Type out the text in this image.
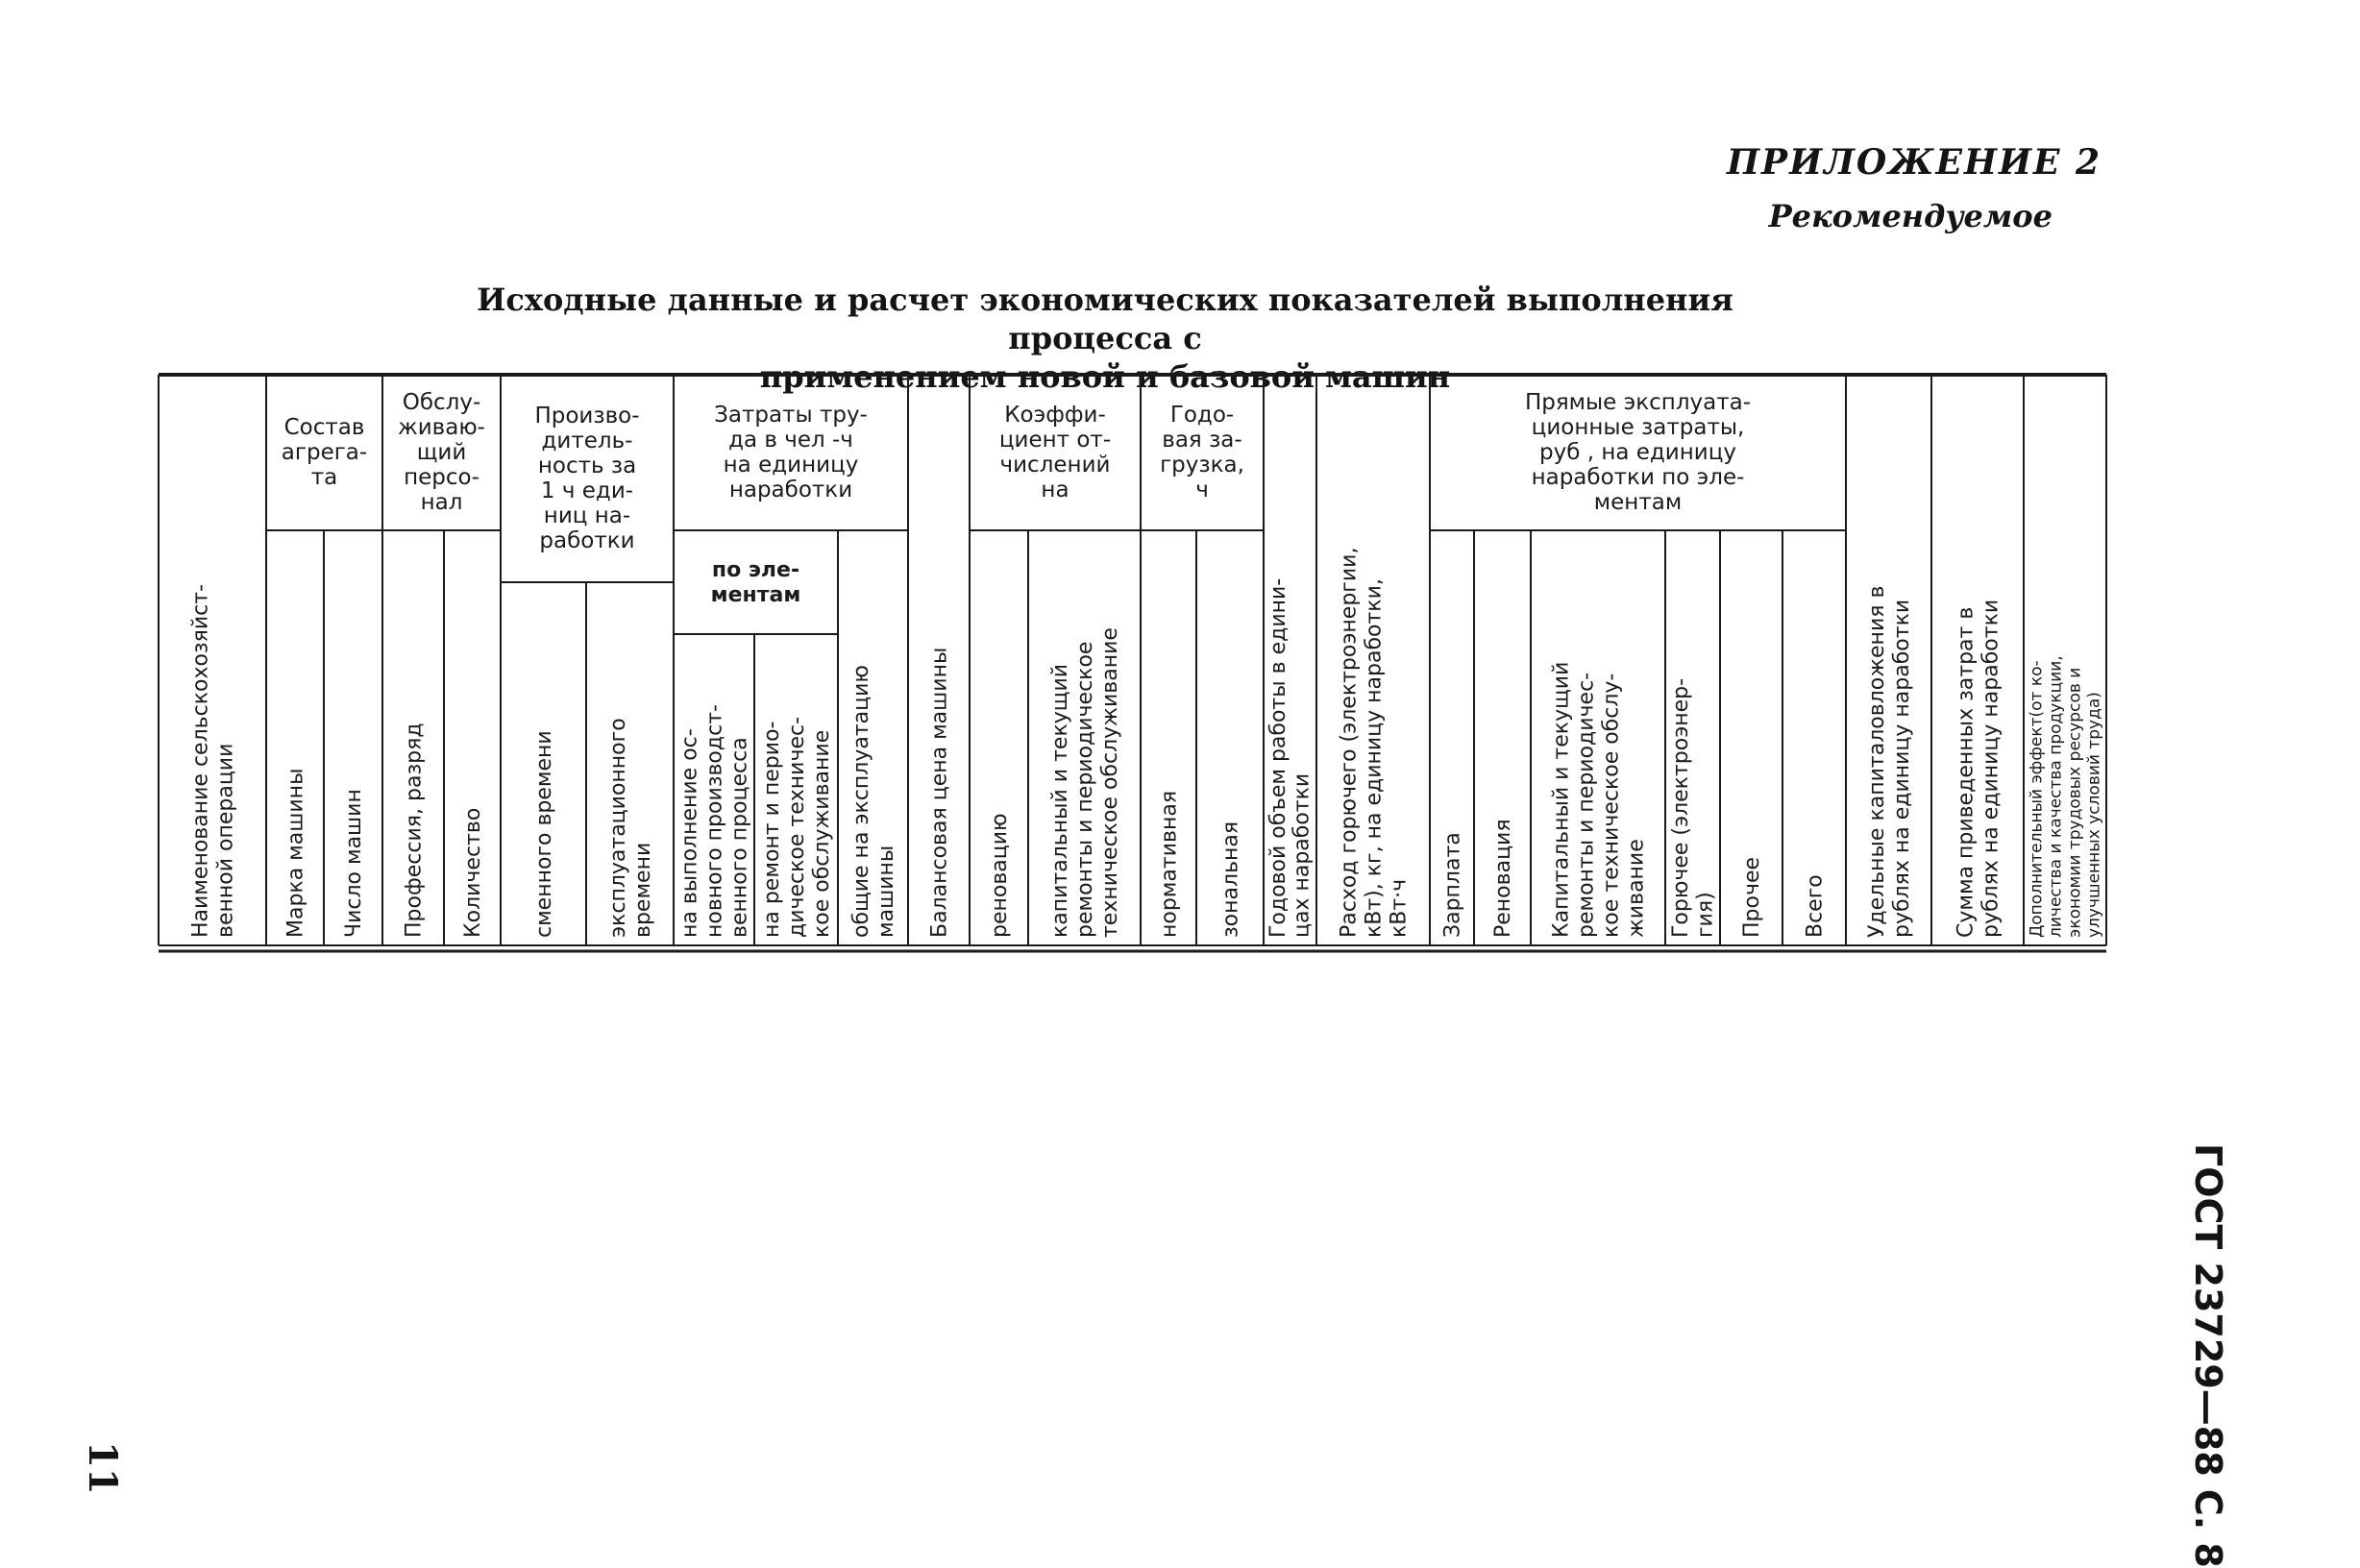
ПРИЛОЖЕНИЕ 2
Рекомендуемое
Исходные данные и расчет экономических показателей выполнения процесса с
применением новой и базовой машин
Состав
агрега-
та
Обслу-
живаю-
щий
персо-
нал
Произво-
дитель-
ность за
1 ч еди-
ниц на-
работки
Затраты тру-
да в чел -ч
на единицу
наработки
по эле-
ментам
Коэффи-
циент от-
числений
на
Годо-
вая за-
грузка,
ч
Прямые эксплуата-
ционные затраты,
руб , на единицу
наработки по эле-
ментам
Наименование сельскохозяйст- венной операции Марка машины Число машин Профессия, разряд Количество сменного времени эксплуатационного времени на выполнение ос- новного производст- венного процесса на ремонт и перио- дическое техничес- кое обслуживание общие на эксплуатацию машины Балансовая цена машины реновацию капитальный и текущий ремонты и периодическое техническое обслуживание нормативная зональная Годовой объем работы в едини- цах наработки Расход горючего (электроэнергии, кВт), кг, на единицу наработки, кВт·ч Зарплата Реновация Капитальный и текущий ремонты и периодичес- кое техническое обслу- живание Горючее (электроэнер- гия) Прочее Всего Удельные капиталовложения в рублях на единицу наработки Сумма приведенных затрат в рублях на единицу наработки Дополнительный эффект(от ко- личества и качества продукции, экономии трудовых ресурсов и улучшенных условий труда)
11	ГОСТ 23729—88 С. 8
